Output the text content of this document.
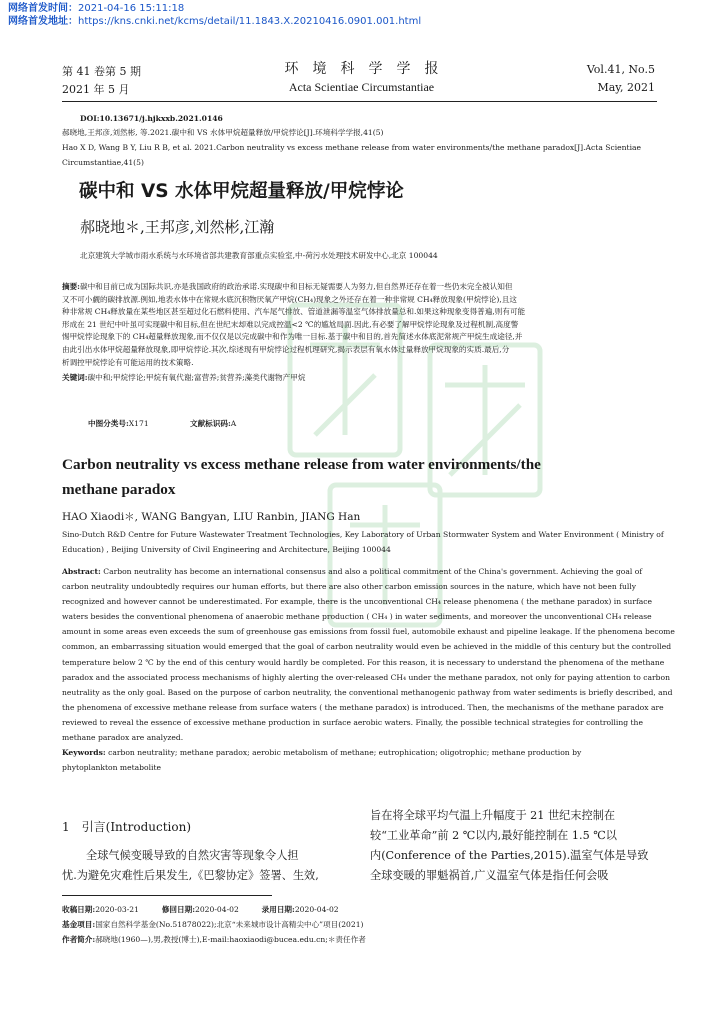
网络首发时间：2021-04-16 15:11:18
网络首发地址：https://kns.cnki.net/kcms/detail/11.1843.X.20210416.0901.001.html
第 41 卷第 5 期
2021 年 5 月
环　境　科　学　学　报
Acta Scientiae Circumstantiae
Vol.41, No.5
May, 2021
DOI:10.13671/j.hjkxxb.2021.0146
郝晓地,王邦彦,刘然彬, 等.2021.碳中和 VS 水体甲烷超量释放/甲烷悖论[J].环境科学学报,41(5)
Hao X D, Wang B Y, Liu R B, et al. 2021.Carbon neutrality vs excess methane release from water environments/the methane paradox[J].Acta Scientiae
Circumstantiae,41(5)
碳中和 VS 水体甲烷超量释放/甲烷悖论
郝晓地＊,王邦彦,刘然彬,江瀚
北京建筑大学城市雨水系统与水环境省部共建教育部重点实验室,中-荷污水处理技术研发中心,北京 100044
摘要:碳中和目前已成为国际共识,亦是我国政府的政治承诺.实现碳中和目标无疑需要人为努力,但自然界还存在着一些仍未完全被认知但
又不可小觑的碳排放源.例如,地表水体中在常规水底沉积物厌氧产甲烷(CH₄)现象之外还存在着一种非常规 CH₄释放现象(甲烷悖论),且这
种非常规 CH₄释放量在某些地区甚至超过化石燃料使用、汽车尾气排放、管道泄漏等温室气体排放量总和.如果这种现象变得普遍,则有可能
形成在 21 世纪中叶虽可实现碳中和目标,但在世纪末却难以完成控温<2 ℃的尴尬局面.因此,有必要了解甲烷悖论现象及过程机制,高度警
惕甲烷悖论现象下的 CH₄超量释放现象,而不仅仅是以完成碳中和作为唯一目标.基于碳中和目的,首先简述水体底泥常规产甲烷生成途径,并
由此引出水体甲烷超量释放现象,即甲烷悖论.其次,综述现有甲烷悖论过程机理研究,揭示表层有氧水体过量释放甲烷现象的实质.最后,分
析调控甲烷悖论有可能运用的技术策略.
关键词:碳中和;甲烷悖论;甲烷有氧代谢;富营养;贫营养;藻类代谢物产甲烷
中图分类号:X171	文献标识码:A
Carbon neutrality vs excess methane release from water environments/the
methane paradox
HAO Xiaodi＊, WANG Bangyan, LIU Ranbin, JIANG Han
Sino-Dutch R&D Centre for Future Wastewater Treatment Technologies, Key Laboratory of Urban Stormwater System and Water Environment ( Ministry of
Education) , Beijing University of Civil Engineering and Architecture, Beijing 100044
Abstract: Carbon neutrality has become an international consensus and also a political commitment of the China's government. Achieving the goal of
carbon neutrality undoubtedly requires our human efforts, but there are also other carbon emission sources in the nature, which have not been fully
recognized and however cannot be underestimated. For example, there is the unconventional CH₄ release phenomena ( the methane paradox) in surface
waters besides the conventional phenomena of anaerobic methane production ( CH₄ ) in water sediments, and moreover the unconventional CH₄ release
amount in some areas even exceeds the sum of greenhouse gas emissions from fossil fuel, automobile exhaust and pipeline leakage. If the phenomena become
common, an embarrassing situation would emerged that the goal of carbon neutrality would even be achieved in the middle of this century but the controlled
temperature below 2 ℃ by the end of this century would hardly be completed. For this reason, it is necessary to understand the phenomena of the methane
paradox and the associated process mechanisms of highly alerting the over-released CH₄ under the methane paradox, not only for paying attention to carbon
neutrality as the only goal. Based on the purpose of carbon neutrality, the conventional methanogenic pathway from water sediments is briefly described, and
the phenomena of excessive methane release from surface waters ( the methane paradox) is introduced. Then, the mechanisms of the methane paradox are
reviewed to reveal the essence of excessive methane production in surface aerobic waters. Finally, the possible technical strategies for controlling the
methane paradox are analyzed.
Keywords: carbon neutrality; methane paradox; aerobic metabolism of methane; eutrophication; oligotrophic; methane production by
phytoplankton metabolite
1　引言(Introduction)
全球气候变暖导致的自然灾害等现象令人担
忧.为避免灾难性后果发生,《巴黎协定》签署、生效,
旨在将全球平均气温上升幅度于 21 世纪末控制在
较“工业革命”前 2 ℃以内,最好能控制在 1.5 ℃以
内(Conference of the Parties,2015).温室气体是导致
全球变暖的罪魁祸首,广义温室气体是指任何会吸
收稿日期:2020-03-21	修回日期:2020-04-02	录用日期:2020-04-02
基金项目:国家自然科学基金(No.51878022);北京“未来城市设计高精尖中心”项目(2021)
作者简介:郝晓地(1960—),男,教授(博士),E-mail:haoxiaodi@bucea.edu.cn;＊责任作者
